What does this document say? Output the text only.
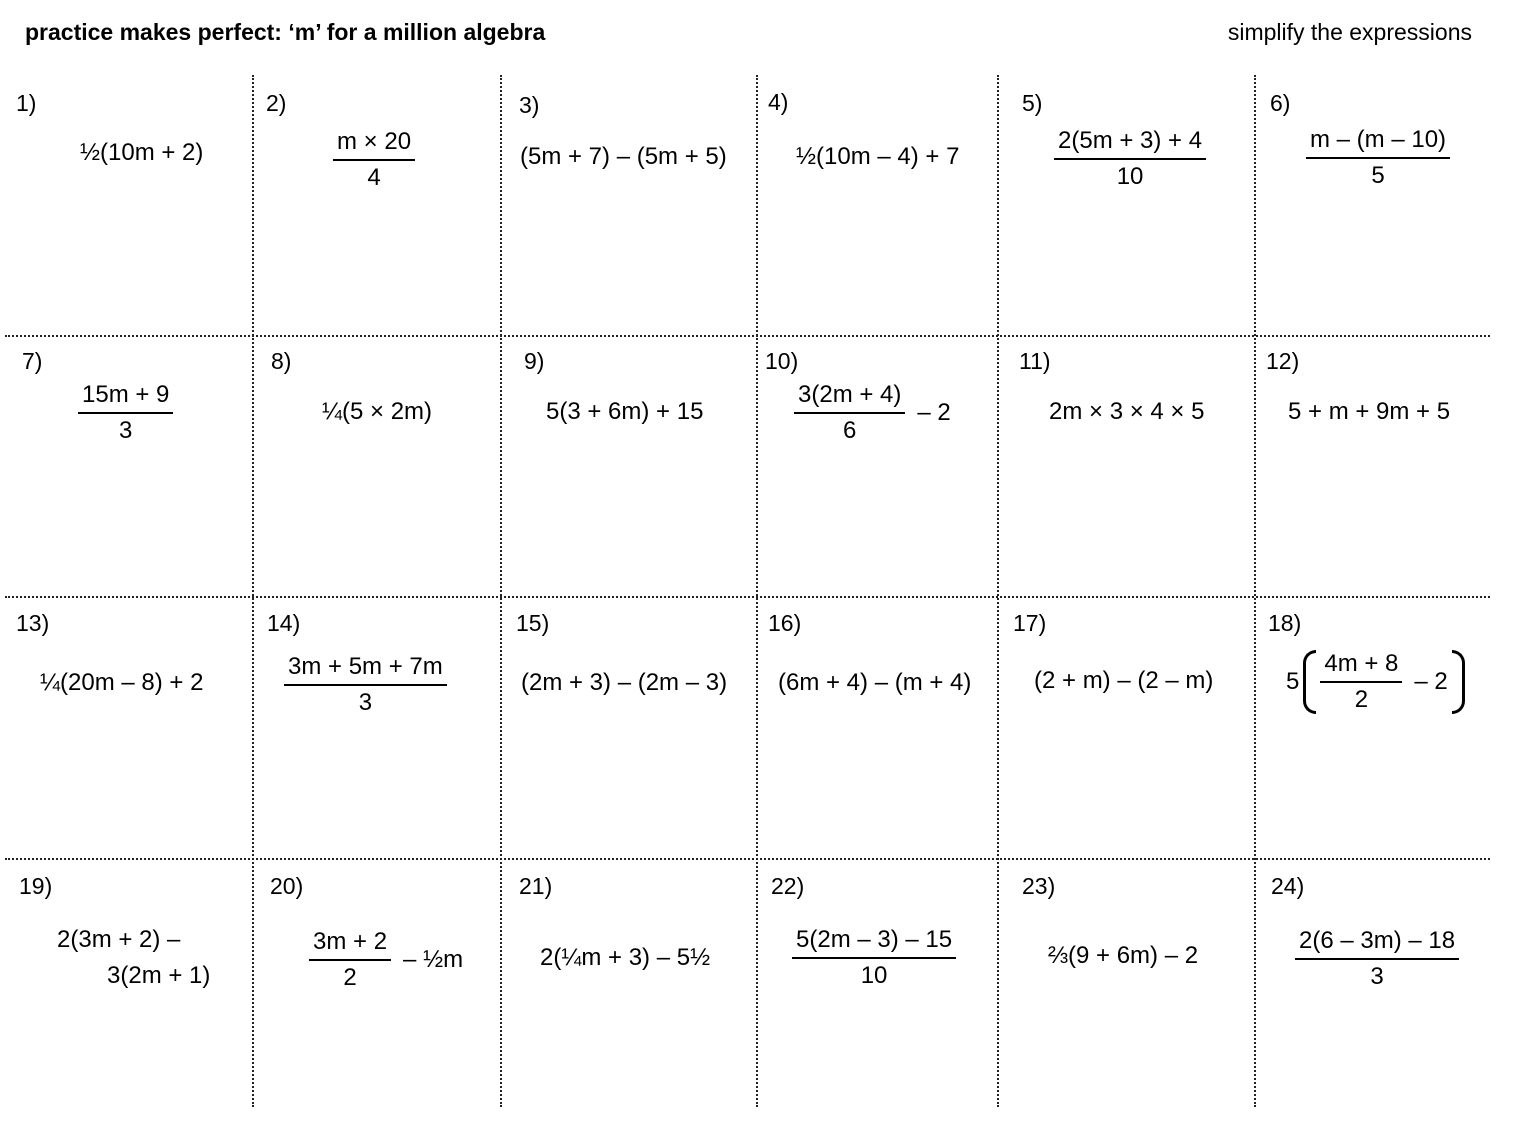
practice makes perfect: ‘m’ for a million algebra	simplify the expressions
1)
½(10m + 2)
2)
$\frac{m \times 20}{4}$
3)
(5m + 7) – (5m + 5)
4)
½(10m – 4) + 7
5)
$\frac{2(5m + 3) + 4}{10}$
6)
$\frac{m - (m - 10)}{5}$
7)
$\frac{15m + 9}{3}$
8)
¼(5 × 2m)
9)
5(3 + 6m) + 15
10)
$\frac{3(2m + 4)}{6} - 2$
11)
2m × 3 × 4 × 5
12)
5 + m + 9m + 5
13)
¼(20m – 8) + 2
14)
$\frac{3m + 5m + 7m}{3}$
15)
(2m + 3) – (2m – 3)
16)
(6m + 4) – (m + 4)
17)
(2 + m) – (2 – m)
18)
$5 \frac{4m + 8}{2} - 2$
19)
2(3m + 2) –
3(2m + 1)
20)
$\frac{3m + 2}{2}$ – ½m
21)
2(¼m + 3) – 5½
22)
$\frac{5(2m - 3) - 15}{10}$
23)
⅔(9 + 6m) – 2
24)
$\frac{2(6 - 3m) - 18}{3}$
